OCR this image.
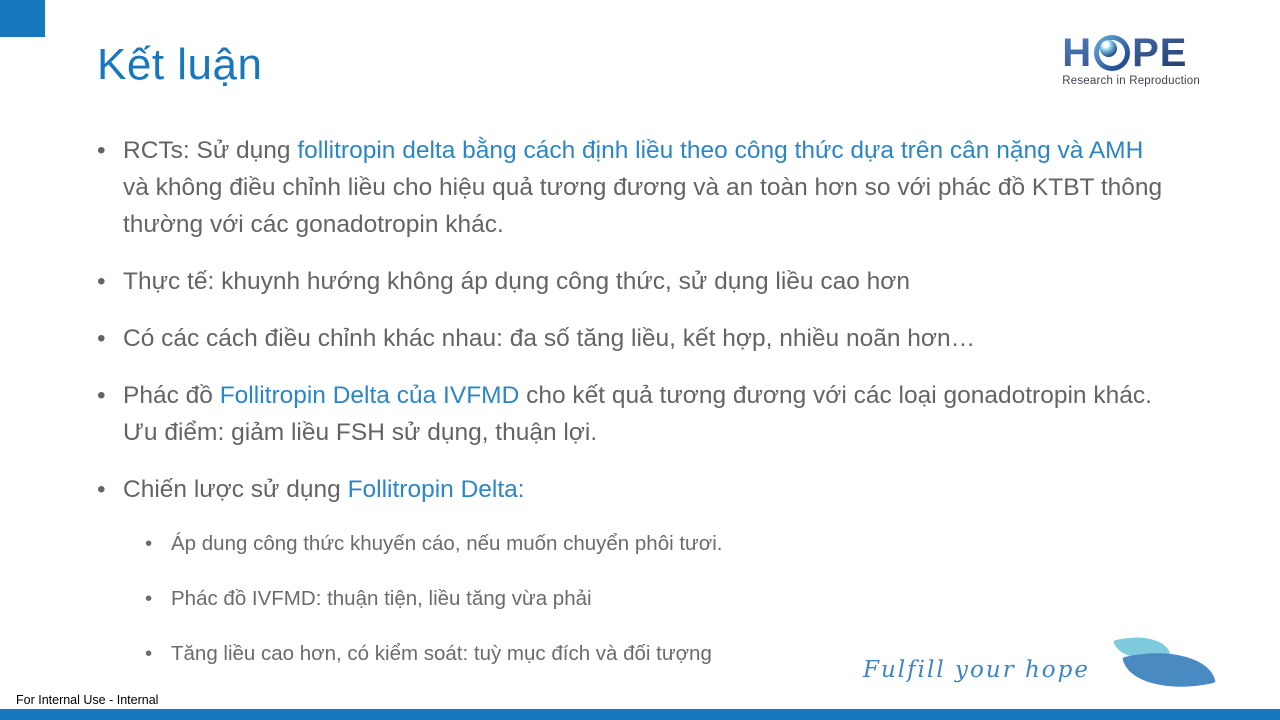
Kết luận	H PE
Research in Reproduction
• RCTs: Sử dụng follitropin delta bằng cách định liều theo công thức dựa trên cân nặng và AMH và không điều chỉnh liều cho hiệu quả tương đương và an toàn hơn so với phác đồ KTBT thông thường với các gonadotropin khác.
• Thực tế: khuynh hướng không áp dụng công thức, sử dụng liều cao hơn
• Có các cách điều chỉnh khác nhau: đa số tăng liều, kết hợp, nhiều noãn hơn…
• Phác đồ Follitropin Delta của IVFMD cho kết quả tương đương với các loại gonadotropin khác. Ưu điểm: giảm liều FSH sử dụng, thuận lợi.
• Chiến lược sử dụng Follitropin Delta:
• Áp dung công thức khuyến cáo, nếu muốn chuyển phôi tươi.
• Phác đồ IVFMD: thuận tiện, liều tăng vừa phải
• Tăng liều cao hơn, có kiểm soát: tuỳ mục đích và đối tượng
Fulfill your hope
For Internal Use - Internal
